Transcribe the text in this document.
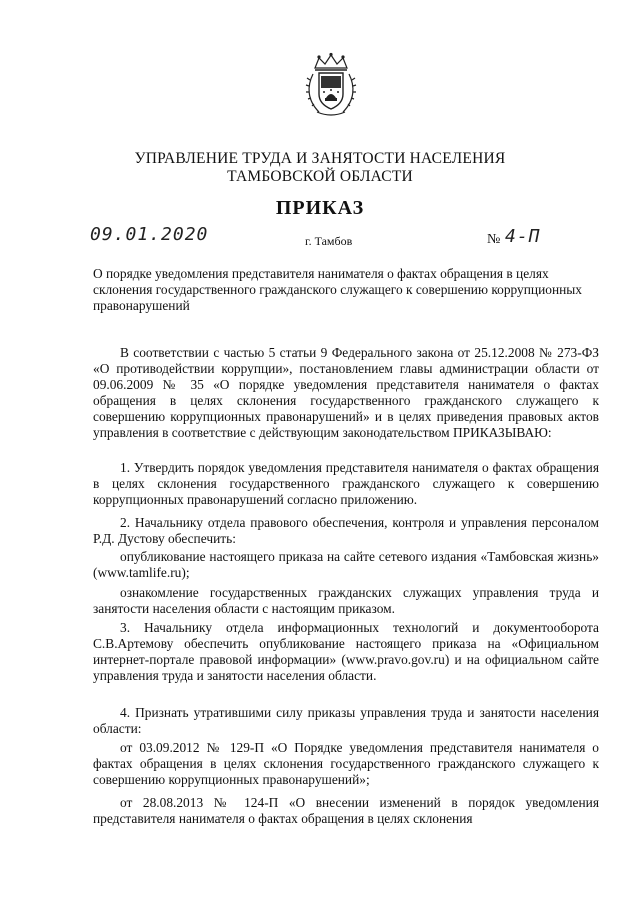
УПРАВЛЕНИЕ ТРУДА И ЗАНЯТОСТИ НАСЕЛЕНИЯ
ТАМБОВСКОЙ ОБЛАСТИ
ПРИКАЗ
09.01.2020	г. Тамбов	№ 4-П
О порядке уведомления представителя нанимателя о фактах обращения в целях склонения государственного гражданского служащего к совершению коррупционных правонарушений

В соответствии с частью 5 статьи 9 Федерального закона от 25.12.2008 № 273-ФЗ «О противодействии коррупции», постановлением главы администрации области от 09.06.2009 № 35 «О порядке уведомления представителя нанимателя о фактах обращения в целях склонения государственного гражданского служащего к совершению коррупционных правонарушений» и в целях приведения правовых актов управления в соответствие с действующим законодательством ПРИКАЗЫВАЮ:

1. Утвердить порядок уведомления представителя нанимателя о фактах обращения в целях склонения государственного гражданского служащего к совершению коррупционных правонарушений согласно приложению.

2. Начальнику отдела правового обеспечения, контроля и управления персоналом Р.Д. Дустову обеспечить:

опубликование настоящего приказа на сайте сетевого издания «Тамбовская жизнь» (www.tamlife.ru);

ознакомление государственных гражданских служащих управления труда и занятости населения области с настоящим приказом.

3. Начальнику отдела информационных технологий и документооборота С.В.Артемову обеспечить опубликование настоящего приказа на «Официальном интернет-портале правовой информации» (www.pravo.gov.ru) и на официальном сайте управления труда и занятости населения области.

4. Признать утратившими силу приказы управления труда и занятости населения области:

от 03.09.2012 № 129-П «О Порядке уведомления представителя нанимателя о фактах обращения в целях склонения государственного гражданского служащего к совершению коррупционных правонарушений»;

от 28.08.2013 № 124-П «О внесении изменений в порядок уведомления представителя нанимателя о фактах обращения в целях склонения
